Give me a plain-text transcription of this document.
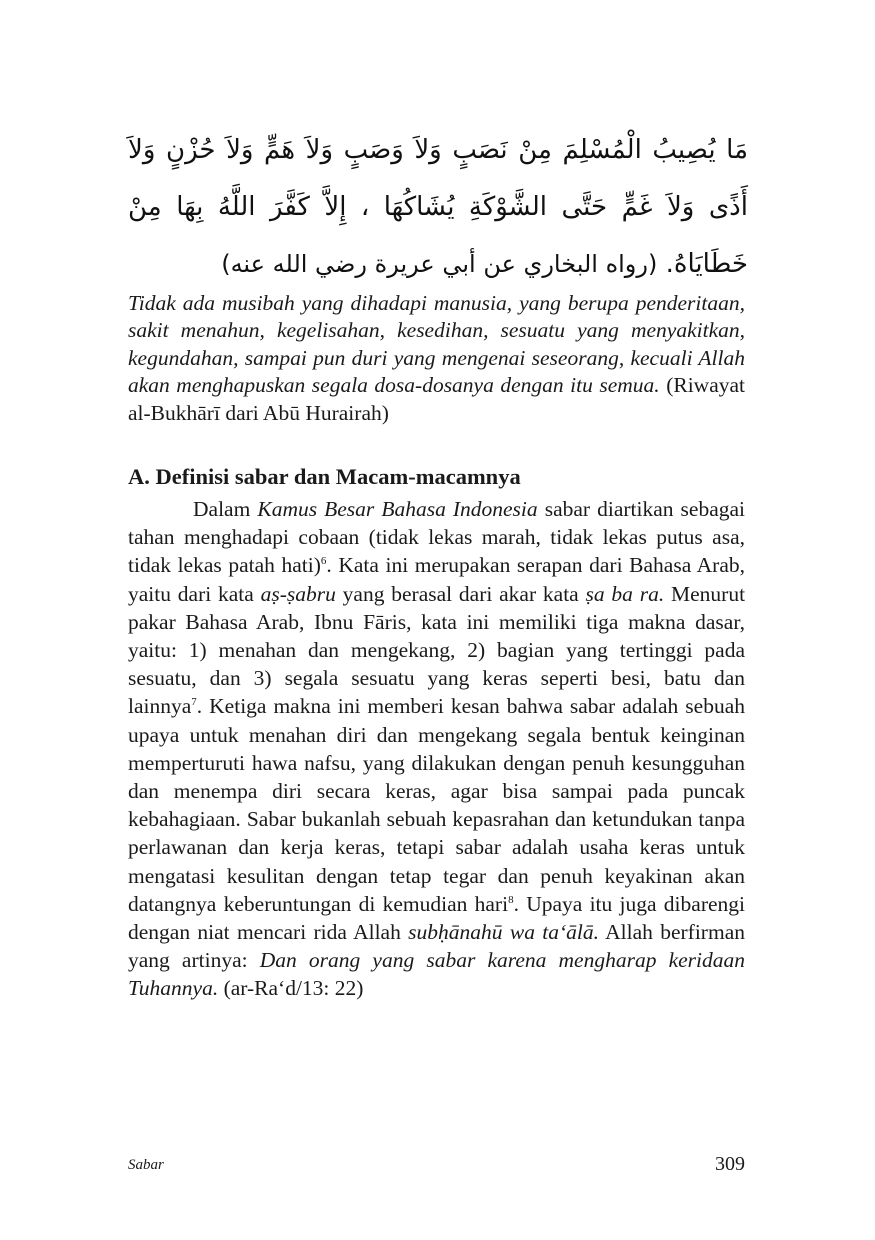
مَا يُصِيبُ الْمُسْلِمَ مِنْ نَصَبٍ وَلاَ وَصَبٍ وَلاَ هَمٍّ وَلاَ حُزْنٍ وَلاَ أَذًى وَلاَ غَمٍّ حَتَّى الشَّوْكَةِ يُشَاكُهَا ، إِلاَّ كَفَّرَ اللَّهُ بِهَا مِنْ خَطَايَاهُ. (رواه البخاري عن أبي عريرة رضي الله عنه)

Tidak ada musibah yang dihadapi manusia, yang berupa penderitaan, sakit menahun, kegelisahan, kesedihan, sesuatu yang menyakitkan, kegundahan, sampai pun duri yang mengenai seseorang, kecuali Allah akan menghapuskan segala dosa-dosanya dengan itu semua. (Riwayat al-Bukhārī dari Abū Hurairah)

A. Definisi sabar dan Macam-macamnya

Dalam Kamus Besar Bahasa Indonesia sabar diartikan sebagai tahan menghadapi cobaan (tidak lekas marah, tidak lekas putus asa, tidak lekas patah hati)$^6$. Kata ini merupakan serapan dari Bahasa Arab, yaitu dari kata aṣ-ṣabru yang berasal dari akar kata ṣa ba ra. Menurut pakar Bahasa Arab, Ibnu Fāris, kata ini memiliki tiga makna dasar, yaitu: 1) menahan dan mengekang, 2) bagian yang tertinggi pada sesuatu, dan 3) segala sesuatu yang keras seperti besi, batu dan lainnya$^7$. Ketiga makna ini memberi kesan bahwa sabar adalah sebuah upaya untuk menahan diri dan mengekang segala bentuk keinginan memperturuti hawa nafsu, yang dilakukan dengan penuh kesungguhan dan menempa diri secara keras, agar bisa sampai pada puncak kebahagiaan. Sabar bukanlah sebuah kepasrahan dan ketundukan tanpa perlawanan dan kerja keras, tetapi sabar adalah usaha keras untuk mengatasi kesulitan dengan tetap tegar dan penuh keyakinan akan datangnya keberuntungan di kemudian hari$^8$. Upaya itu juga dibarengi dengan niat mencari rida Allah subḥānahū wa taʻālā. Allah berfirman yang artinya: Dan orang yang sabar karena mengharap keridaan Tuhannya. (ar-Raʻd/13: 22)

Sabar	309
